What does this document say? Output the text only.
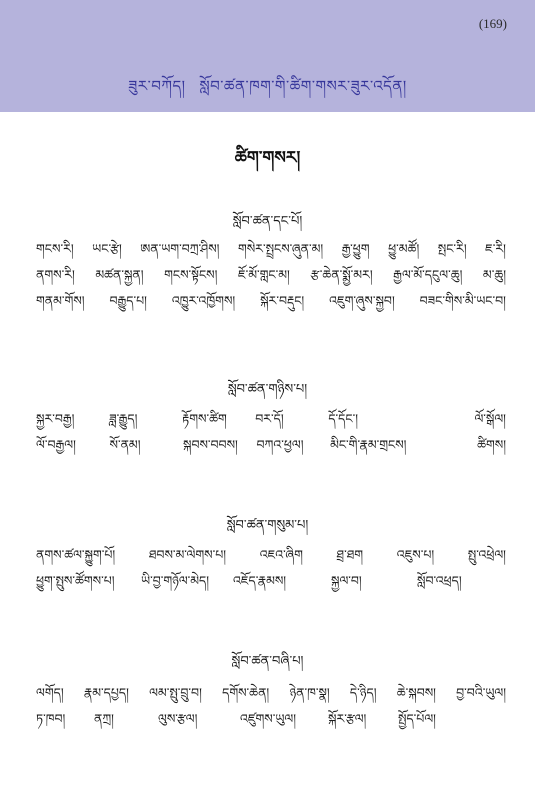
(169)
ཟུར་བཀོད། སློབ་ཚན་ཁག་གི་ཚིག་གསར་ཟུར་འདོན།
ཚིག་གསར།
སློབ་ཚན་དང་པོ།
གངས་རི། ཡང་རྩེ། ཨན་ཡག་བཀྲ་ཤིས། གསེར་སྤྲངས་ཞུན་མ། རྒྱ་ཕྱུག ཕྱུ་མཚོ། སྤང་རི། ཇ་རི།
ནགས་རི། མཚན་སྐྱན། གངས་སྟོངས། ཇོ་མོ་གླང་མ། རྩ་ཆེན་སྨྱོ་མར། རྒྱལ་མོ་དངུལ་ཆུ། མ་ཆུ།
གནམ་གོས། བརྒྱུད་པ། འཁྱུར་འཁྱོགས། སྐོར་བརྡུང། འཇུག་ཞུས་སྐྱབ། བཟང་གིས་མི་ཡང་བ།
སློབ་ཚན་གཉིས་པ།
སྐྱར་བརྒྱ།	ཟླ་རྒྱུད།	རྟོགས་ཚིག	བར་དོ།	དོ་དོང་།	ལོ་སྒོལ།
ལོ་བརྒྱལ།	སོ་ནམ།	སྐབས་བབས།	བཀའ་ཕྱལ།	མིང་གི་རྣམ་གྲངས།	ཚིགས།
སློབ་ཚན་གསུམ་པ།
ནགས་ཚལ་སྐྱུག་པོ།	ཐབས་མ་ལེགས་པ།	འཇའ་ཞིག	ཐྲ་ཐག	འཇུས་པ།	སྤུ་འཕྲེལ།
ཕྱུག་སྤུས་ཚོགས་པ།	ཡི་བྱ་གཉོལ་མེད།	འཇོད་རྣམས།	སྐྱལ་བ།	སློབ་འཕྲད།
སློབ་ཚན་བཞི་པ།
ལགོད། རྣམ་དཔྱད། ལམ་སྤུ་བྲུ་བ། དགོས་ཆེན། ཉེན་ཁ་སྣ། དེ་ཉིད། ཆེ་སྐབས། བྱ་བའི་ཡུལ།
ཏ་ཁབ།	ནཀྲ།	ལུས་རྩལ།	འཛུགས་ཡུལ།	སྐོར་རྩལ།	སྤྱོད་པོལ།
